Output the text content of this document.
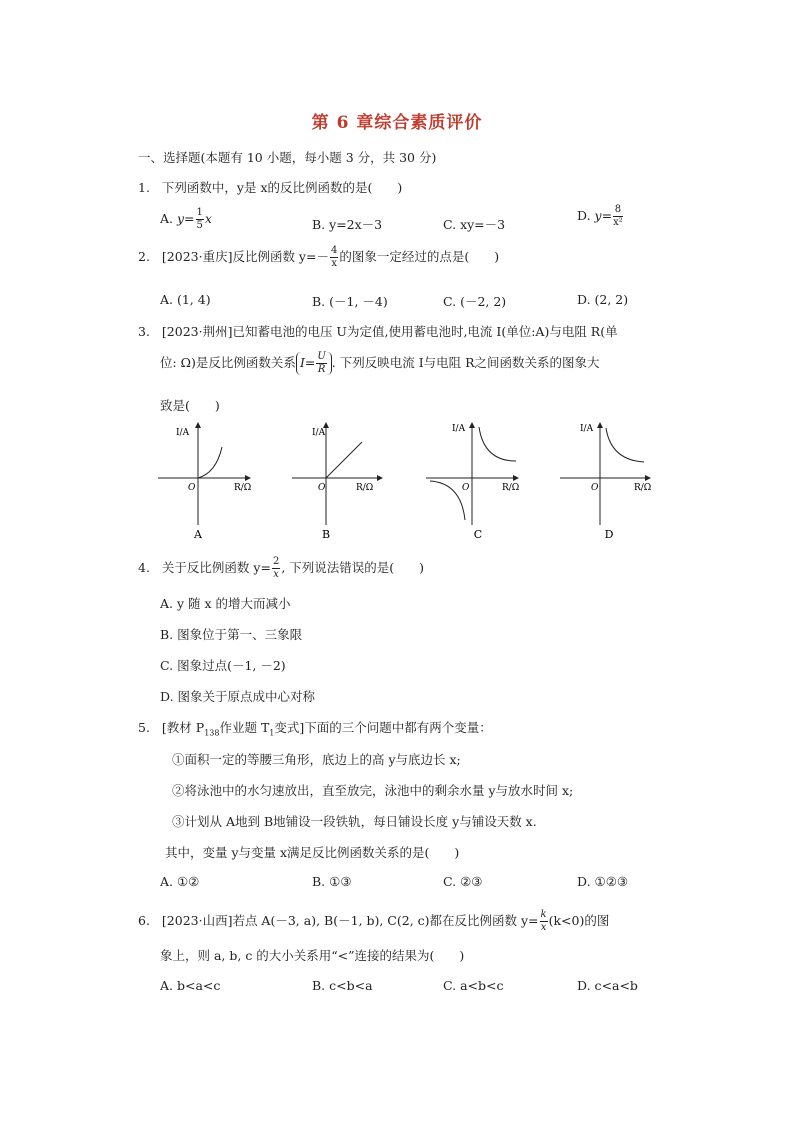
第 6 章综合素质评价
一、选择题(本题有 10 小题，每小题 3 分，共 30 分)
1. 下列函数中，y是 x的反比例函数的是(　　)
A. $y= \frac{1}{5}$ x	B. y=2x－3	C. xy=－3
D. $y= \frac{8}{\text{x²}}$
2. [2023·重庆]反比例函数 $y=- \frac{4}{x}$ 的图象一定经过的点是(　　)
A. (1, 4)	B. (－1, －4)	C. (－2, 2)	D. (2, 2)
3. [2023·荆州]已知蓄电池的电压 U为定值,使用蓄电池时,电流 I(单位:A)与电阻 R(单
位: Ω)是反比例函数关系 $I= \frac{U}{R}$ . 下列反映电流 I与电阻 R之间函数关系的图象大
致是(　　)
I/A
R/Ω
O
A
I/A
R/Ω
O
B
I/A
R/Ω
O
C
I/A
R/Ω
O
D
4. 关于反比例函数 $y= \frac{2}{x}$ , 下列说法错误的是(　　)
A. y 随 x 的增大而减小
B. 图象位于第一、三象限
C. 图象过点(－1, －2)
D. 图象关于原点成中心对称
5. [教材 $P_{138}$作业题 $T_1$变式]下面的三个问题中都有两个变量：
①面积一定的等腰三角形，底边上的高 y与底边长 x;
②将泳池中的水匀速放出，直至放完，泳池中的剩余水量 y与放水时间 x;
③计划从 A地到 B地铺设一段铁轨，每日铺设长度 y与铺设天数 x.
其中，变量 y与变量 x满足反比例函数关系的是(　　)
A. ①②	B. ①③	C. ②③	D. ①②③
6. [2023·山西]若点 A(－3, a), B(－1, b), C(2, c)都在反比例函数 $y= \frac{k}{x} (k<0)$的图
象上，则 a, b, c 的大小关系用“<”连接的结果为(　　)
A. b<a<c	B. c<b<a	C. a<b<c	D. c<a<b
